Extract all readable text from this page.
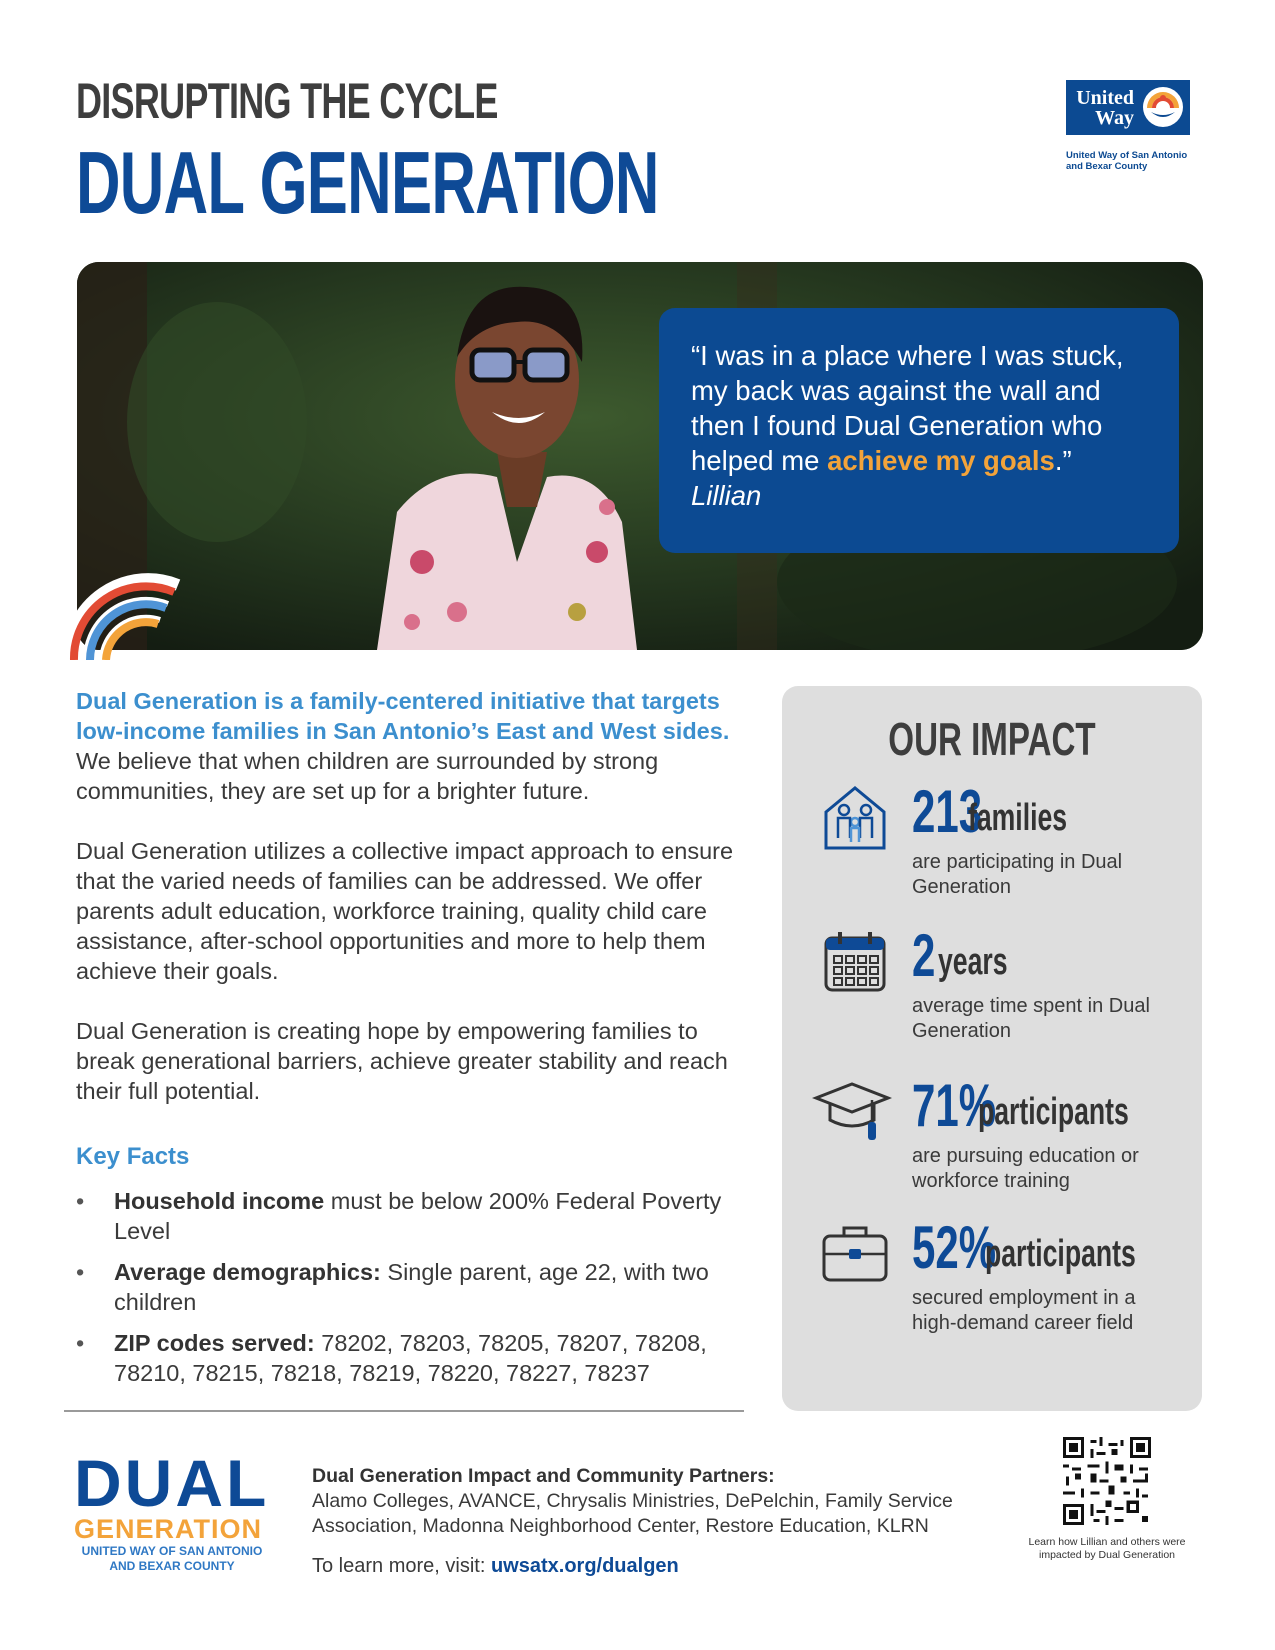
DISRUPTING THE CYCLE
DUAL GENERATION
United
Way
United Way of San Antonio and Bexar County
“I was in a place where I was stuck, my back was against the wall and then I found Dual Generation who helped me achieve my goals.”
Lillian

Dual Generation is a family-centered initiative that targets low-income families in San Antonio’s East and West sides. We believe that when children are surrounded by strong communities, they are set up for a brighter future.

Dual Generation utilizes a collective impact approach to ensure that the varied needs of families can be addressed. We offer parents adult education, workforce training, quality child care assistance, after-school opportunities and more to help them achieve their goals.

Dual Generation is creating hope by empowering families to break generational barriers, achieve greater stability and reach their full potential.

Key Facts
• Household income must be below 200% Federal Poverty Level
• Average demographics: Single parent, age 22, with two children
• ZIP codes served: 78202, 78203, 78205, 78207, 78208, 78210, 78215, 78218, 78219, 78220, 78227, 78237
OUR IMPACT
213
families
are participating in Dual Generation
2 years
average time spent in Dual Generation
71%
participants
are pursuing education or workforce training
52%
participants
secured employment in a high-demand career field
DUAL
GENERATION
UNITED WAY OF SAN ANTONIO AND BEXAR COUNTY
Dual Generation Impact and Community Partners:
Alamo Colleges, AVANCE, Chrysalis Ministries, DePelchin, Family Service Association, Madonna Neighborhood Center, Restore Education, KLRN
To learn more, visit: uwsatx.org/dualgen
Learn how Lillian and others were impacted by Dual Generation
